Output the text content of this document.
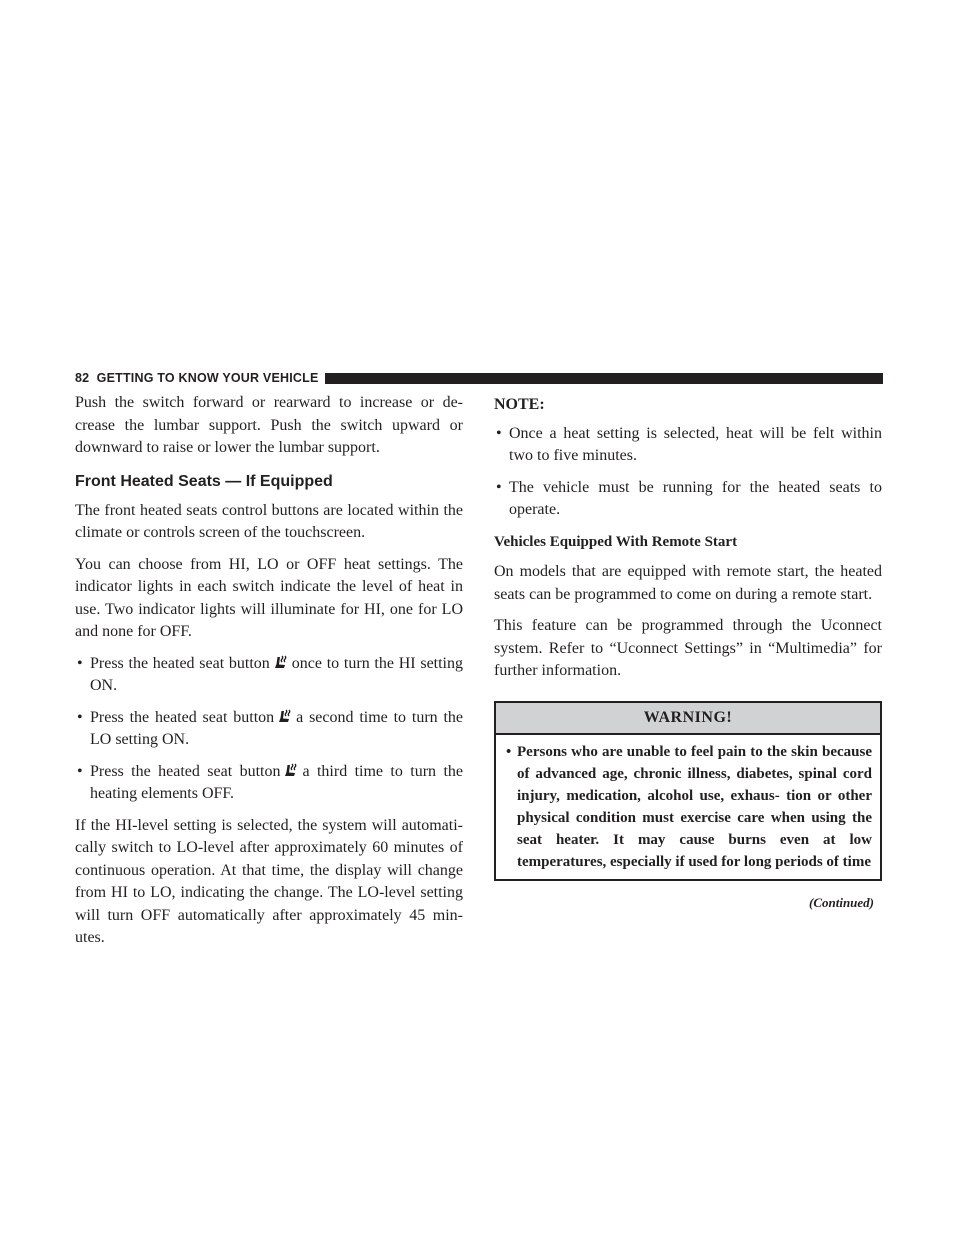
82 GETTING TO KNOW YOUR VEHICLE

Push the switch forward or rearward to increase or de- crease the lumbar support. Push the switch upward or downward to raise or lower the lumbar support.

Front Heated Seats — If Equipped

The front heated seats control buttons are located within the climate or controls screen of the touchscreen.

You can choose from HI, LO or OFF heat settings. The indicator lights in each switch indicate the level of heat in use. Two indicator lights will illuminate for HI, one for LO and none for OFF.

• Press the heated seat button once to turn the HI setting ON.
• Press the heated seat button a second time to turn the LO setting ON.
• Press the heated seat button a third time to turn the heating elements OFF.

If the HI-level setting is selected, the system will automati- cally switch to LO-level after approximately 60 minutes of continuous operation. At that time, the display will change from HI to LO, indicating the change. The LO-level setting will turn OFF automatically after approximately 45 min- utes.

NOTE:
• Once a heat setting is selected, heat will be felt within two to five minutes.
• The vehicle must be running for the heated seats to operate.
Vehicles Equipped With Remote Start

On models that are equipped with remote start, the heated seats can be programmed to come on during a remote start.

This feature can be programmed through the Uconnect system. Refer to “Uconnect Settings” in “Multimedia” for further information.

WARNING!
• Persons who are unable to feel pain to the skin because of advanced age, chronic illness, diabetes, spinal cord injury, medication, alcohol use, exhaus- tion or other physical condition must exercise care when using the seat heater. It may cause burns even at low temperatures, especially if used for long periods of time
(Continued)
